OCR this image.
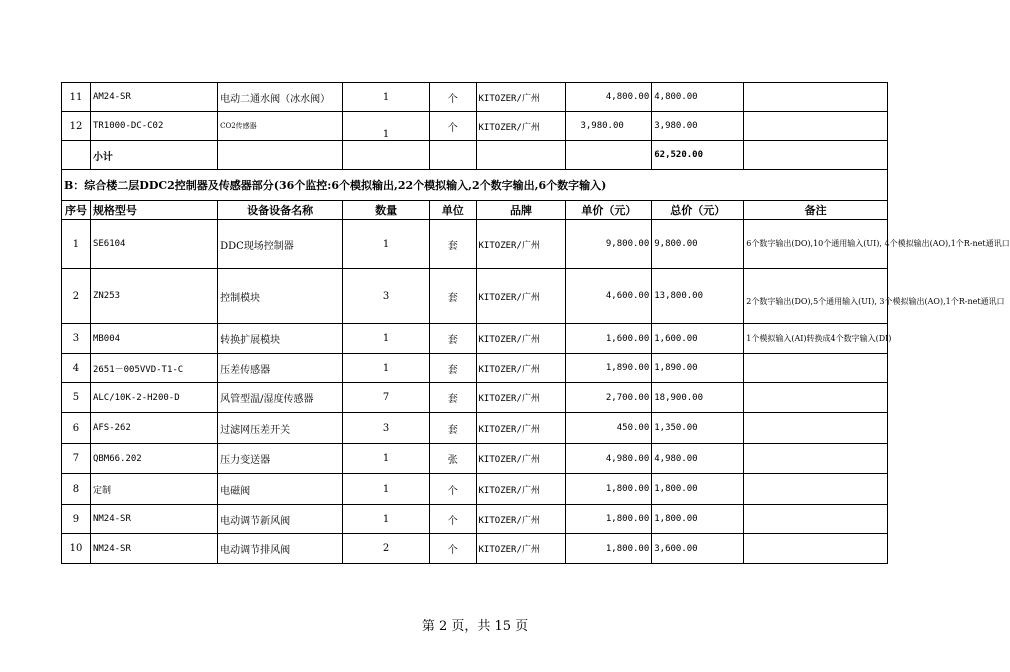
11	AM24-SR	电动二通水阀（冰水阀）	1	个	KITOZER/广州	4,800.00	4,800.00	
12	TR1000-DC-C02	CO2传感器	1	个	KITOZER/广州	3,980.00	3,980.00	
	小计						62,520.00	
B：综合楼二层DDC2控制器及传感器部分(36个监控:6个模拟输出,22个模拟输入,2个数字输出,6个数字输入)								
序号	规格型号	设备设备名称	数量	单位	品牌	单价（元）	总价（元）	备注
1	SE6104	DDC现场控制器	1	套	KITOZER/广州	9,800.00	9,800.00	6个数字输出(DO),10个通用输入(UI), 4个模拟输出(AO),1个R-net通讯口
2	ZN253	控制模块	3	套	KITOZER/广州	4,600.00	13,800.00	2个数字输出(DO),5个通用输入(UI), 3个模拟输出(AO),1个R-net通讯口
3	MB004	转换扩展模块	1	套	KITOZER/广州	1,600.00	1,600.00	1个模拟输入(AI)转换成4个数字输入(DI)
4	2651－005VVD-T1-C	压差传感器	1	套	KITOZER/广州	1,890.00	1,890.00	
5	ALC/10K-2-H200-D	风管型温/湿度传感器	7	套	KITOZER/广州	2,700.00	18,900.00	
6	AFS-262	过滤网压差开关	3	套	KITOZER/广州	450.00	1,350.00	
7	QBM66.202	压力变送器	1	张	KITOZER/广州	4,980.00	4,980.00	
8	定制	电磁阀	1	个	KITOZER/广州	1,800.00	1,800.00	
9	NM24-SR	电动调节新风阀	1	个	KITOZER/广州	1,800.00	1,800.00	
10	NM24-SR	电动调节排风阀	2	个	KITOZER/广州	1,800.00	3,600.00	
第 2 页，共 15 页
